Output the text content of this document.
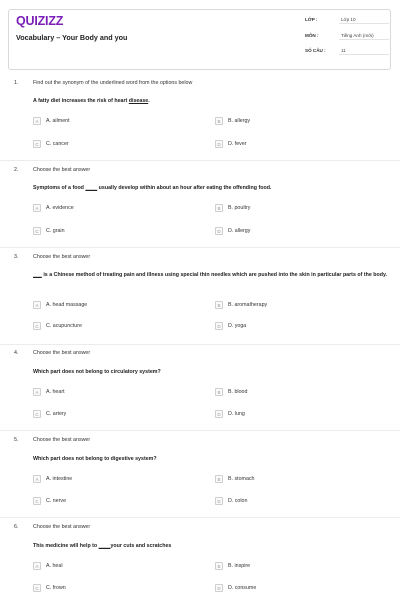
QUIZIZZ
Vocabulary – Your Body and you
LỚP :	Lớp 10
MÔN :	Tiếng Anh (mới)
SỐ CÂU :	11
1.	Find out the synonym of the underlined word from the options below
A fatty diet increases the risk of heart disease.
A	A. ailment	B	B. allergy
C	C. cancer	D	D. fever
2.	Choose the best answer
Symptoms of a food ____ usually develop within about an hour after eating the offending food.
A	A. evidence	B	B. poultry
C	C. grain	D	D. allergy
3.	Choose the best answer
___ is a Chinese method of treating pain and illness using special thin needles which are pushed into the skin in particular parts of the body.
A	A. head massage	B	B. aromatherapy
C	C. acupuncture	D	D. yoga
4.	Choose the best answer
Which part does not belong to circulatory system?
A	A. heart	B	B. blood
C	C. artery	D	D. lung
5.	Choose the best answer
Which part does not belong to digestive system?
A	A. intestine	B	B. stomach
C	C. nerve	D	D. colon
6.	Choose the best answer
This medicine will help to ____your cuts and scratches
A	A. heal	B	B. inspire
C	C. frown	D	D. consume
